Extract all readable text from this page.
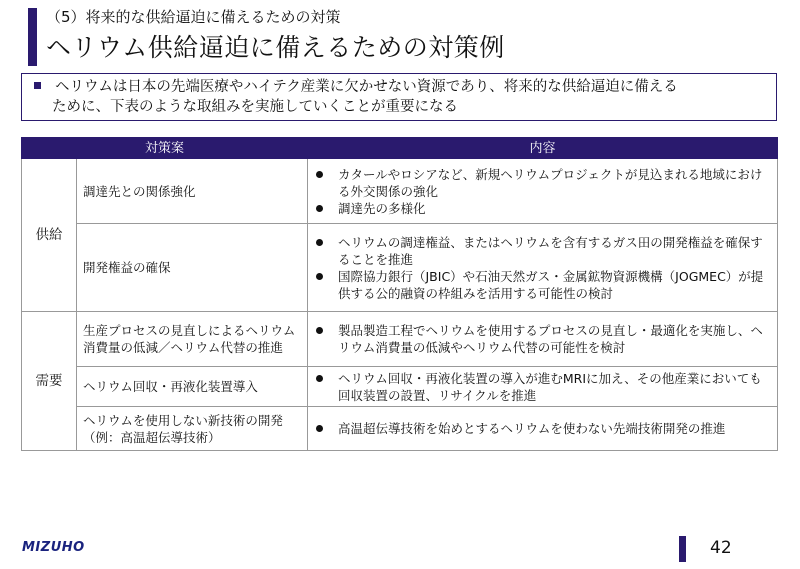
（5）将来的な供給逼迫に備えるための対策
ヘリウム供給逼迫に備えるための対策例
ヘリウムは日本の先端医療やハイテク産業に欠かせない資源であり、将来的な供給逼迫に備える
ために、下表のような取組みを実施していくことが重要になる
対策案		内容
供給	調達先との関係強化	カタールやロシアなど、新規ヘリウムプロジェクトが見込まれる地域における外交関係の強化
調達先の多様化

	開発権益の確保	ヘリウムの調達権益、またはヘリウムを含有するガス田の開発権益を確保することを推進
国際協力銀行（JBIC）や石油天然ガス・金属鉱物資源機構（JOGMEC）が提供する公的融資の枠組みを活用する可能性の検討

需要	生産プロセスの見直しによるヘリウム消費量の低減／ヘリウム代替の推進	製品製造工程でヘリウムを使用するプロセスの見直し・最適化を実施し、ヘリウム消費量の低減やヘリウム代替の可能性を検討

	ヘリウム回収・再液化装置導入	ヘリウム回収・再液化装置の導入が進むMRIに加え、その他産業においても回収装置の設置、リサイクルを推進

	ヘリウムを使用しない新技術の開発（例：高温超伝導技術）	高温超伝導技術を始めとするヘリウムを使わない先端技術開発の推進
MIZUHO	42
